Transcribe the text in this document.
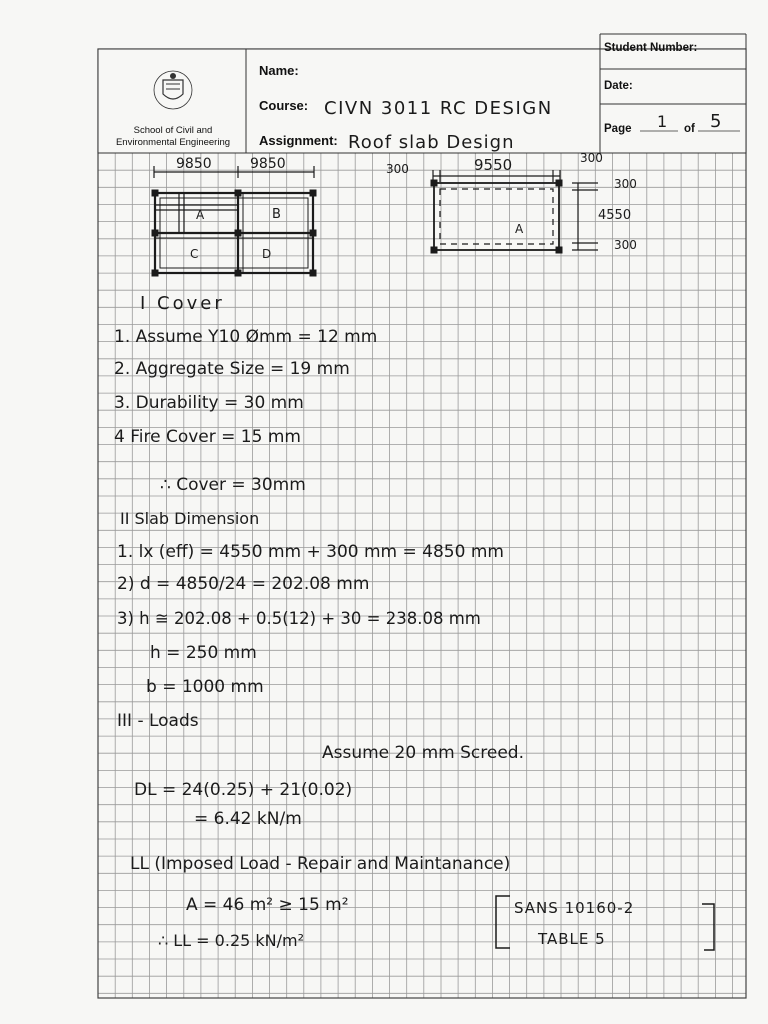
School of Civil and
Environmental Engineering
Name:
Course: CIVN 3011 RC DESIGN
Assignment: Roof slab Design
Student Number:
Date:
Page 1 of 5
9850	9850
A	B
C	D
300	9550	300
300
4550
300
A
I Cover
1. Assume Y10 Ømm = 12 mm
2. Aggregate Size = 19 mm
3. Durability = 30 mm
4 Fire Cover = 15 mm
∴ Cover = 30mm
II Slab Dimension
1. lx (eff) = 4550 mm + 300 mm = 4850 mm
2) d = 4850/24 = 202.08 mm
3) h ≅ 202.08 + 0.5(12) + 30 = 238.08 mm
h = 250 mm
b = 1000 mm
III - Loads
Assume 20 mm Screed.
DL = 24(0.25) + 21(0.02)
= 6.42 kN/m
LL (Imposed Load - Repair and Maintanance)
A = 46 m² ≥ 15 m²
∴ LL = 0.25 kN/m²
SANS 10160-2
TABLE 5
